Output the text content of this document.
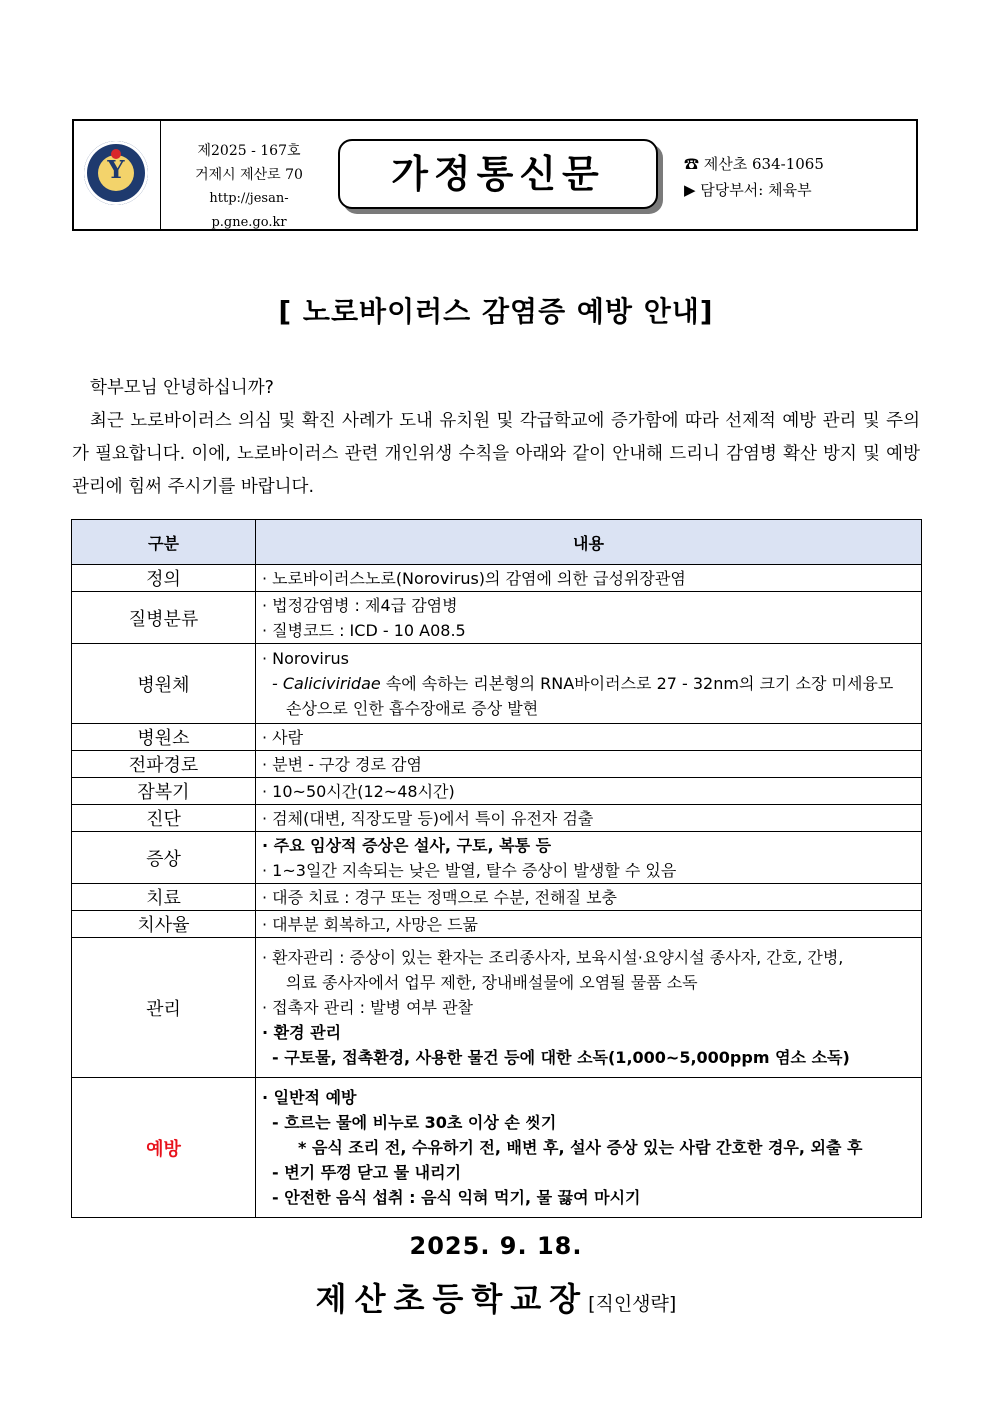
Y
제2025 - 167호
거제시 제산로 70
http://jesan-p.gne.go.kr
가정통신문	☎ 제산초 634-1065
▶ 담당부서: 체육부
[ 노로바이러스 감염증 예방 안내]

학부모님 안녕하십니까?

최근 노로바이러스 의심 및 확진 사례가 도내 유치원 및 각급학교에 증가함에 따라 선제적 예방 관리 및 주의가 필요합니다. 이에, 노로바이러스 관련 개인위생 수칙을 아래와 같이 안내해 드리니 감염병 확산 방지 및 예방 관리에 힘써 주시기를 바랍니다.

구분	내용
정의	· 노로바이러스노로(Norovirus)의 감염에 의한 급성위장관염

질병분류	· 법정감염병 : 제4급 감염병
· 질병코드 : ICD - 10 A08.5

병원체	· Norovirus
- Caliciviridae 속에 속하는 리본형의 RNA바이러스로 27 - 32nm의 크기 소장 미세융모
손상으로 인한 흡수장애로 증상 발현

병원소	· 사람

전파경로	· 분변 - 구강 경로 감염

잠복기	· 10~50시간(12~48시간)

진단	· 검체(대변, 직장도말 등)에서 특이 유전자 검출

증상	· 주요 임상적 증상은 설사, 구토, 복통 등
· 1~3일간 지속되는 낮은 발열, 탈수 증상이 발생할 수 있음

치료	· 대증 치료 : 경구 또는 정맥으로 수분, 전해질 보충

치사율	· 대부분 회복하고, 사망은 드묾

관리	· 환자관리 : 증상이 있는 환자는 조리종사자, 보육시설·요양시설 종사자, 간호, 간병,
의료 종사자에서 업무 제한, 장내배설물에 오염될 물품 소독
· 접촉자 관리 : 발병 여부 관찰
· 환경 관리
- 구토물, 접촉환경, 사용한 물건 등에 대한 소독(1,000~5,000ppm 염소 소독)

예방	· 일반적 예방
- 흐르는 물에 비누로 30초 이상 손 씻기
* 음식 조리 전, 수유하기 전, 배변 후, 설사 증상 있는 사람 간호한 경우, 외출 후
- 변기 뚜껑 닫고 물 내리기
- 안전한 음식 섭취 : 음식 익혀 먹기, 물 끓여 마시기
2025. 9. 18.
제산초등학교장[직인생략]
